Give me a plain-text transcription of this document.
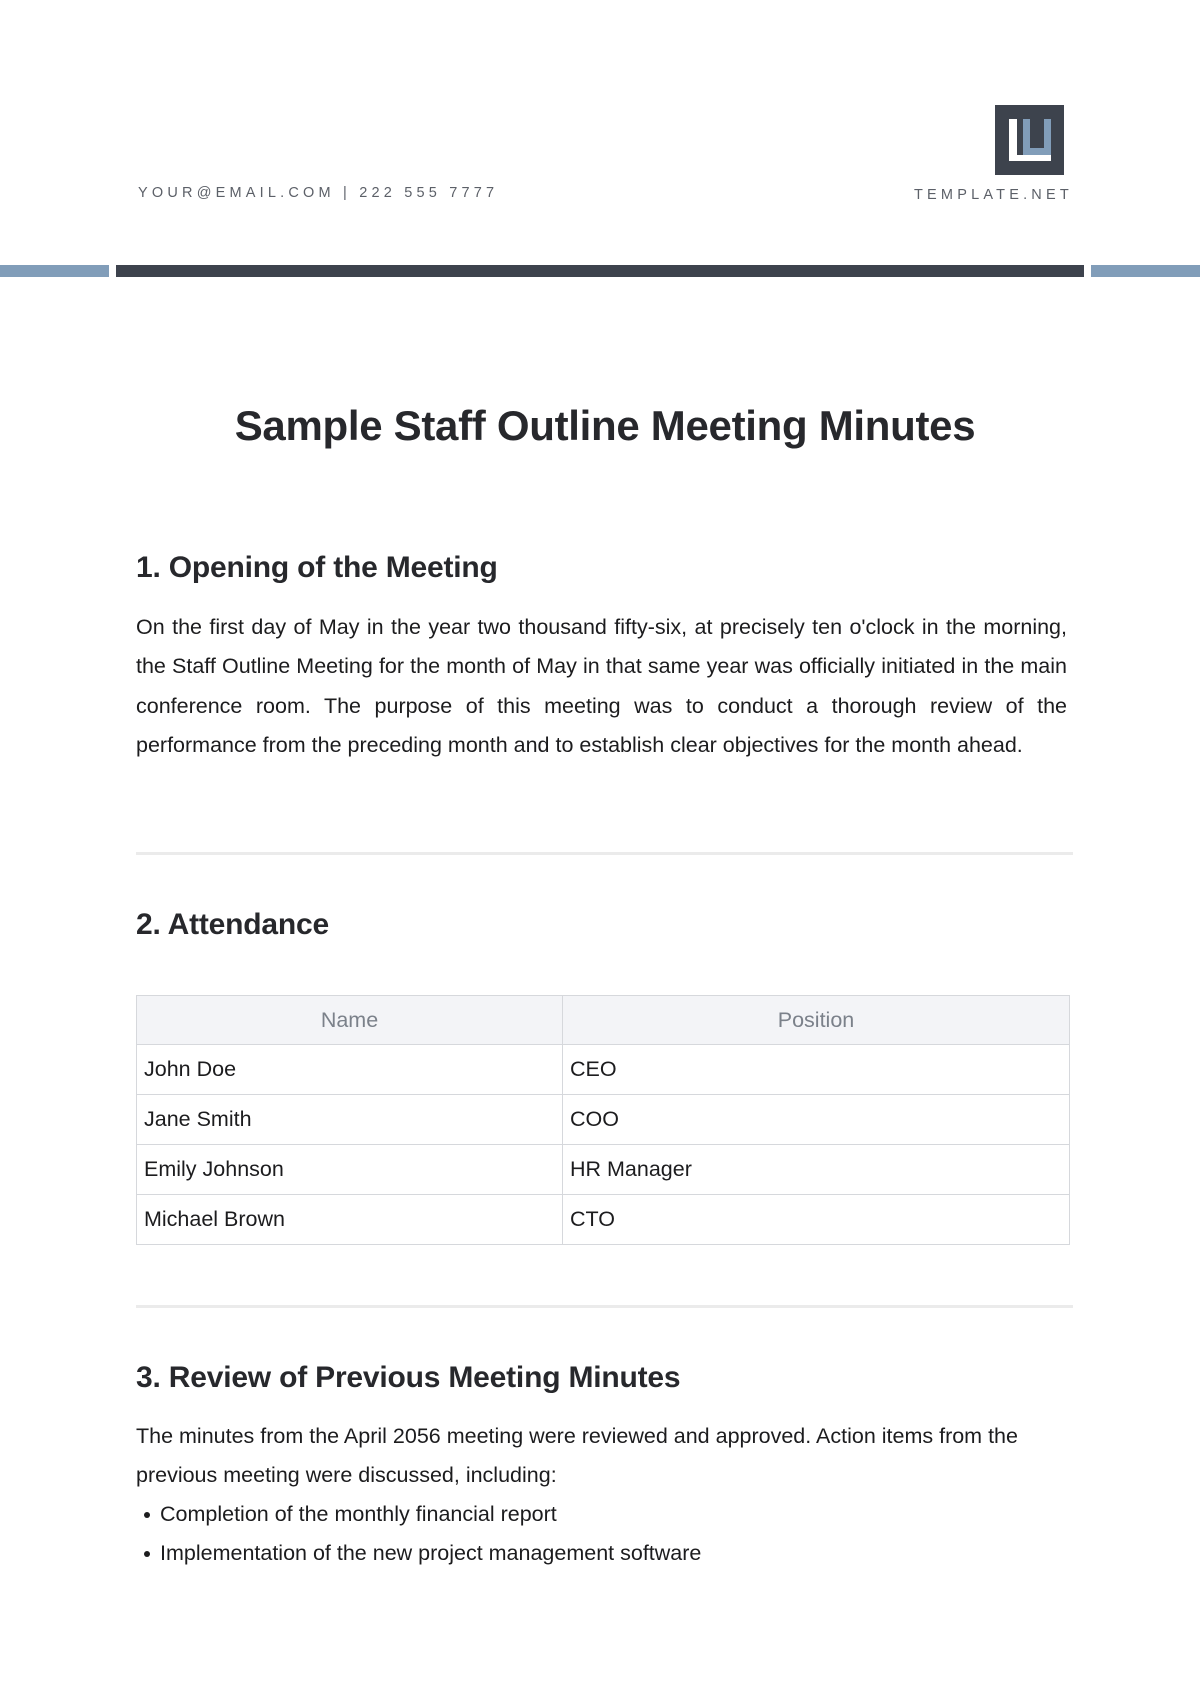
YOUR@EMAIL.COM | 222 555 7777	TEMPLATE.NET
Sample Staff Outline Meeting Minutes
1. Opening of the Meeting

On the first day of May in the year two thousand fifty-six, at precisely ten o'clock in the morning, the Staff Outline Meeting for the month of May in that same year was officially initiated in the main conference room. The purpose of this meeting was to conduct a thorough review of the performance from the preceding month and to establish clear objectives for the month ahead.

2. Attendance
Name	Position
John Doe	CEO
Jane Smith	COO
Emily Johnson	HR Manager
Michael Brown	CTO
3. Review of Previous Meeting Minutes

The minutes from the April 2056 meeting were reviewed and approved. Action items from the previous meeting were discussed, including:

Completion of the monthly financial report
Implementation of the new project management software
